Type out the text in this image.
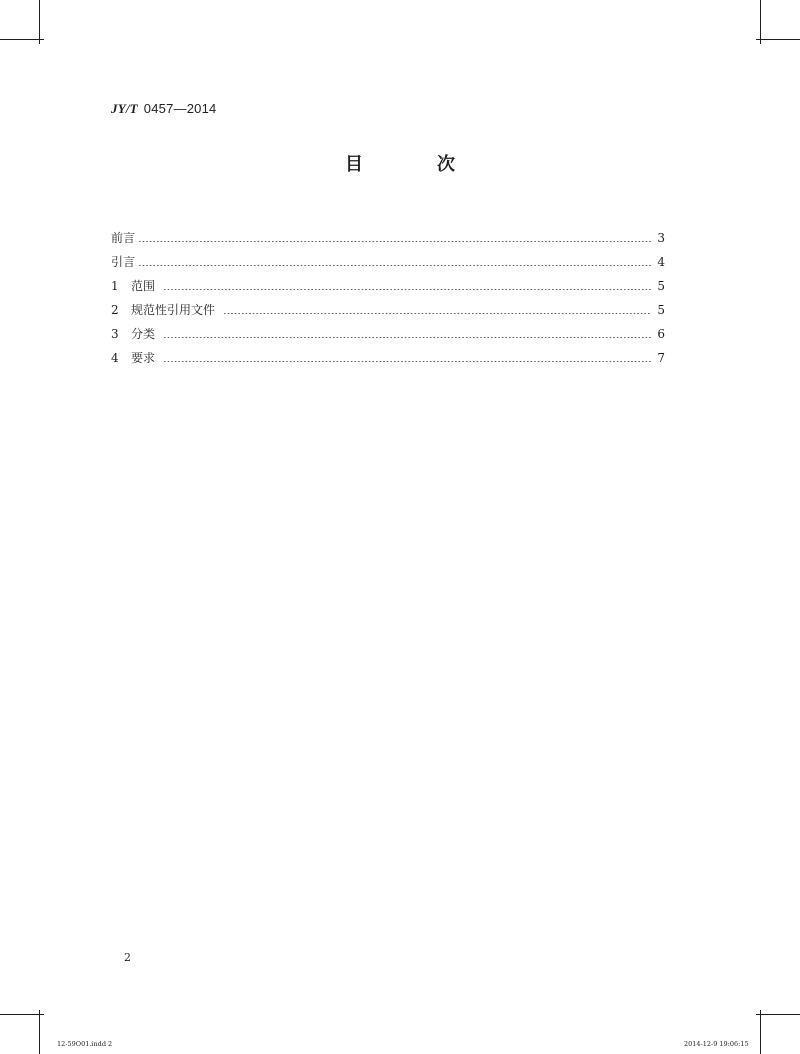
JY/T 0457—2014
目　次
前言	3
引言	4
1	范围	5
2	规范性引用文件	5
3	分类	6
4	要求	7
2
12-59O01.indd 2	2014-12-9 19:06:15
